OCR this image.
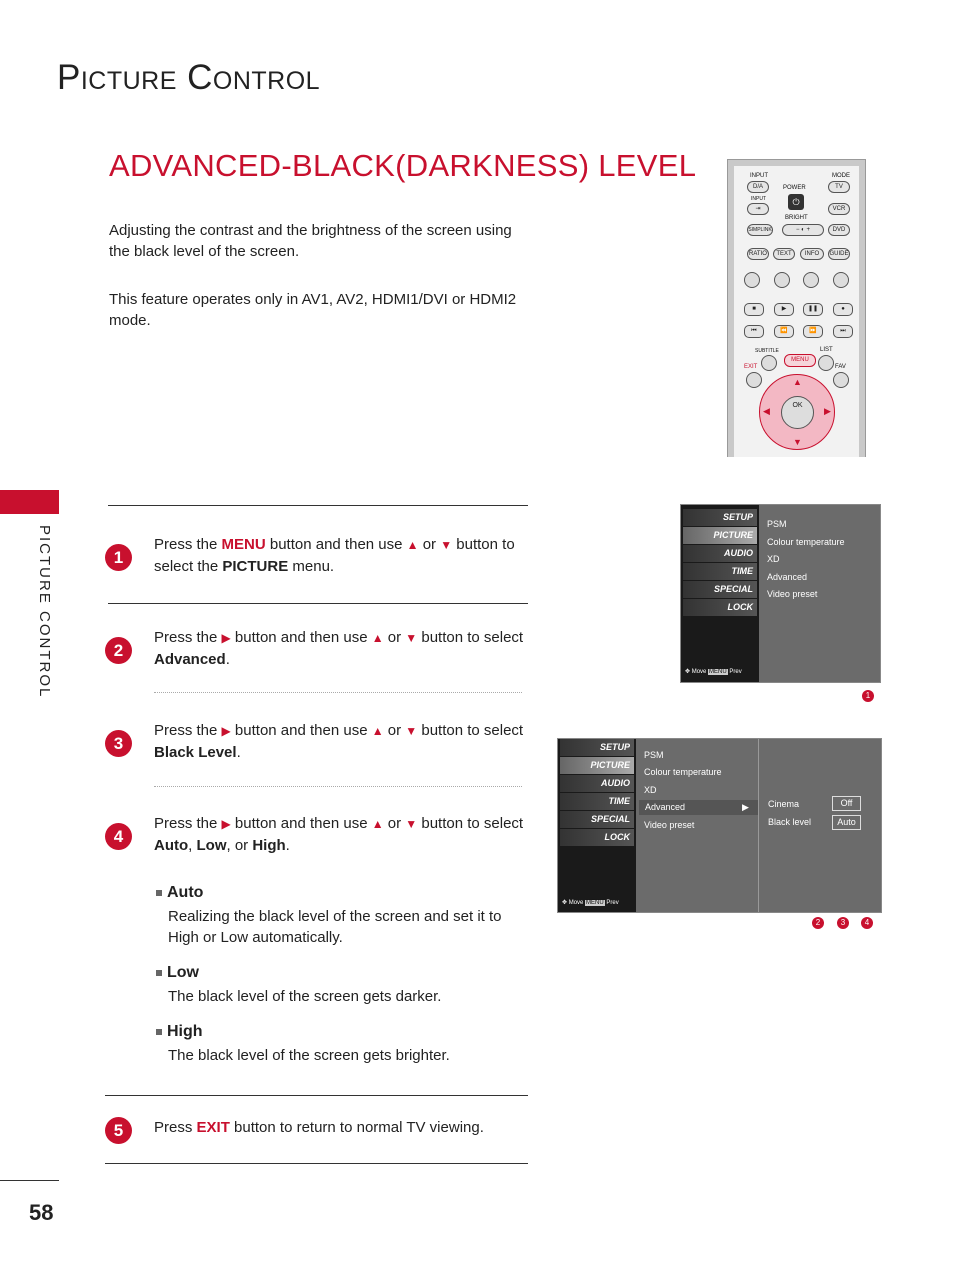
Picture Control
ADVANCED-BLACK(DARKNESS) LEVEL
Adjusting the contrast and the brightness of the screen using the black level of the screen.
This feature operates only in AV1, AV2, HDMI1/DVI or HDMI2 mode.
PICTURE CONTROL
INPUT	MODE
D/A	POWER	TV
⏻
INPUT
⇥	VCR
BRIGHT
SIMPLINK	− ◐ +	DVD
RATIO	TEXT	INFO	GUIDE
■	▶	❚❚	●
⏮	⏪	⏩	⏭
SUBTITLE	LIST
MENU
EXIT	FAV
▲
▼
◀	▶
OK
1
Press the MENU button and then use ▲ or ▼ button to select the PICTURE menu.
2
Press the ▶ button and then use ▲ or ▼ button to select Advanced.
3
Press the ▶ button and then use ▲ or ▼ button to select Black Level.
4
Press the ▶ button and then use ▲ or ▼ button to select Auto, Low, or High.
Auto
Realizing the black level of the screen and set it to High or Low automatically.
Low
The black level of the screen gets darker.
High
The black level of the screen gets brighter.
5	Press EXIT button to return to normal TV viewing.
SETUP
PICTURE
AUDIO
TIME
SPECIAL
LOCK
✥ Move MENU Prev
PSM
Colour temperature
XD
Advanced
Video preset
1
SETUP
PICTURE
AUDIO
TIME
SPECIAL
LOCK
✥ Move MENU Prev
PSM
Colour temperature
XD
Advanced	▶
Video preset
Cinema
Black level
Off
Auto
2	3	4
58
